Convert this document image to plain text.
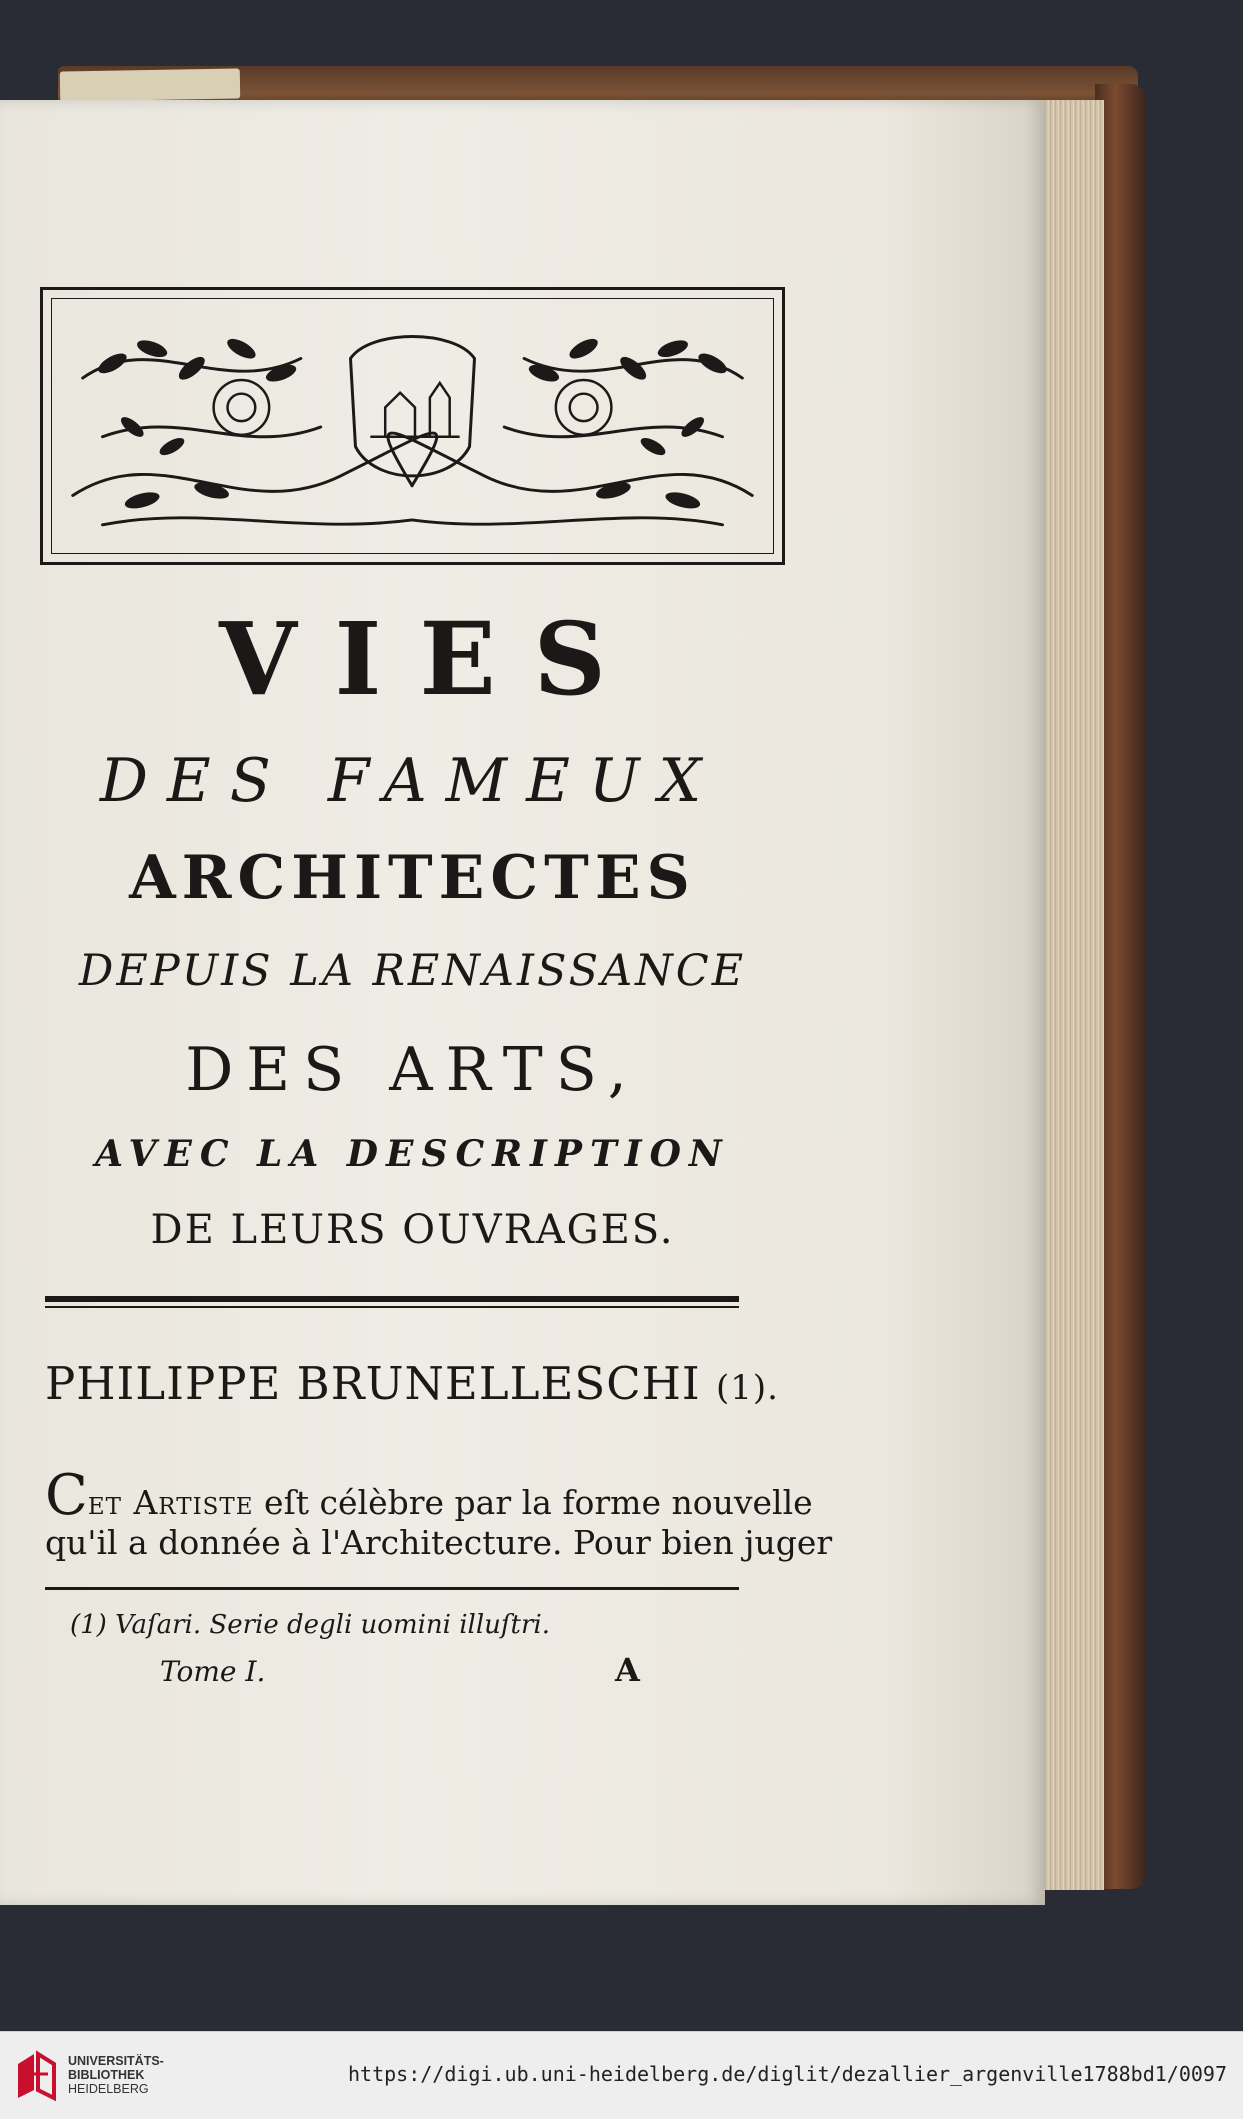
VIES
DES FAMEUX
ARCHITECTES
DEPUIS LA RENAISSANCE
DES ARTS,
AVEC LA DESCRIPTION
DE LEURS OUVRAGES.
PHILIPPE BRUNELLESCHI (1).
Cet Artiste eſt célèbre par la forme nouvelle
qu'il a donnée à l'Architecture. Pour bien juger
(1) Vaſari. Serie degli uomini illuſtri.
Tome I.	A
UNIVERSITÄTS-
BIBLIOTHEK
HEIDELBERG
https://digi.ub.uni-heidelberg.de/diglit/dezallier_argenville1788bd1/0097
